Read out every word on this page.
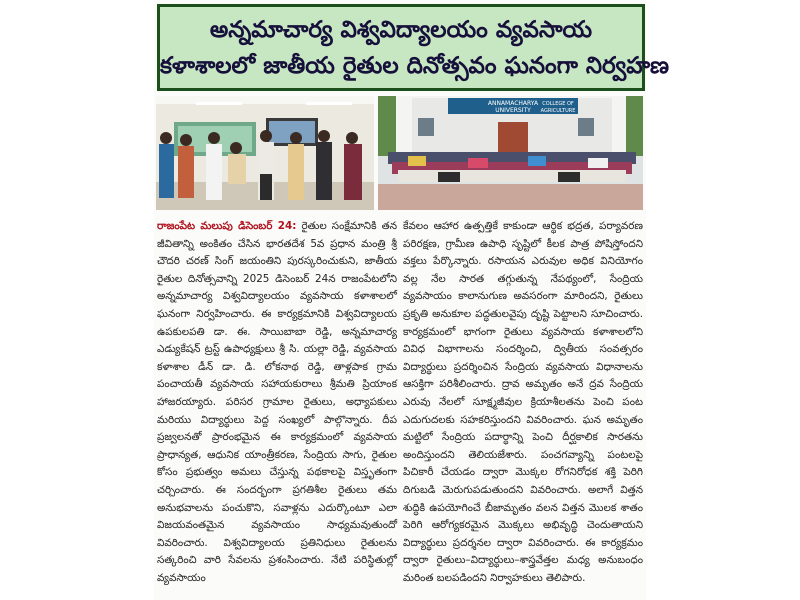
అన్నమాచార్య విశ్వవిద్యాలయం వ్యవసాయ
కళాశాలలో జాతీయ రైతుల దినోత్సవం ఘనంగా నిర్వహణ
ANNAMACHARYA
UNIVERSITY
COLLEGE OF
AGRICULTURE

రాజంపేట మలుపు డిసెంబర్ 24: రైతుల సంక్షేమానికి తన జీవితాన్ని అంకితం చేసిన భారతదేశ 5వ ప్రధాన మంత్రి శ్రీ చౌదరి చరణ్ సింగ్ జయంతిని పురస్కరించుకుని, జాతీయ రైతుల దినోత్సవాన్ని 2025 డిసెంబర్ 24న రాజంపేటలోని అన్నమాచార్య విశ్వవిద్యాలయం వ్యవసాయ కళాశాలలో ఘనంగా నిర్వహించారు. ఈ కార్యక్రమానికి విశ్వవిద్యాలయ ఉపకులపతి డా. ఈ. సాయిబాబా రెడ్డి, అన్నమాచార్య ఎడ్యుకేషన్ ట్రస్ట్ ఉపాధ్యక్షులు శ్రీ సి. యల్లా రెడ్డి, వ్యవసాయ కళాశాల డీన్ డా. డి. లోకనాథ రెడ్డి, తాళ్లపాక గ్రామ పంచాయతీ వ్యవసాయ సహాయకురాలు శ్రీమతి ప్రియాంక హాజరయ్యారు. పరిసర గ్రామాల రైతులు, అధ్యాపకులు మరియు విద్యార్థులు పెద్ద సంఖ్యలో పాల్గొన్నారు. దీప ప్రజ్వలనతో ప్రారంభమైన ఈ కార్యక్రమంలో వ్యవసాయ ప్రాధాన్యత, ఆధునిక యాంత్రీకరణ, సేంద్రియ సాగు, రైతుల కోసం ప్రభుత్వం అమలు చేస్తున్న పథకాలపై విస్తృతంగా చర్చించారు. ఈ సందర్భంగా ప్రగతిశీల రైతులు తమ అనుభవాలను పంచుకొని, సవాళ్లను ఎదుర్కొంటూ ఎలా విజయవంతమైన వ్యవసాయం సాధ్యమవుతుందో వివరించారు. విశ్వవిద్యాలయ ప్రతినిధులు రైతులను సత్కరించి వారి సేవలను ప్రశంసించారు. నేటి పరిస్థితుల్లో వ్యవసాయం

కేవలం ఆహార ఉత్పత్తికే కాకుండా ఆర్థిక భద్రత, పర్యావరణ పరిరక్షణ, గ్రామీణ ఉపాధి సృష్టిలో కీలక పాత్ర పోషిస్తోందని వక్తలు పేర్కొన్నారు. రసాయన ఎరువుల అధిక వినియోగం వల్ల నేల సారత తగ్గుతున్న నేపథ్యంలో, సేంద్రియ వ్యవసాయం కాలానుగుణ అవసరంగా మారిందని, రైతులు ప్రకృతి అనుకూల పద్ధతులవైపు దృష్టి పెట్టాలని సూచించారు. కార్యక్రమంలో భాగంగా రైతులు వ్యవసాయ కళాశాలలోని వివిధ విభాగాలను సందర్శించి, ద్వితీయ సంవత్సరం విద్యార్థులు ప్రదర్శించిన సేంద్రియ వ్యవసాయ విధానాలను ఆసక్తిగా పరిశీలించారు. ద్రావ అమృతం అనే ద్రవ సేంద్రియ ఎరువు నేలలో సూక్ష్మజీవుల క్రియాశీలతను పెంచి పంట ఎదుగుదలకు సహకరిస్తుందని వివరించారు. ఘన అమృతం మట్టిలో సేంద్రియ పదార్థాన్ని పెంచి దీర్ఘకాలిక సారతను అందిస్తుందని తెలియజేశారు. పంచగవ్యాన్ని పంటలపై పిచికారీ చేయడం ద్వారా మొక్కల రోగనిరోధక శక్తి పెరిగి దిగుబడి మెరుగుపడుతుందని వివరించారు. అలాగే విత్తన శుద్ధికి ఉపయోగించే బీజామృతం వలన విత్తన మొలక శాతం పెరిగి ఆరోగ్యకరమైన మొక్కలు అభివృద్ధి చెందుతాయని విద్యార్థులు ప్రదర్శనల ద్వారా వివరించారు. ఈ కార్యక్రమం ద్వారా రైతులు–విద్యార్థులు–శాస్త్రవేత్తల మధ్య అనుబంధం మరింత బలపడిందని నిర్వాహకులు తెలిపారు.
